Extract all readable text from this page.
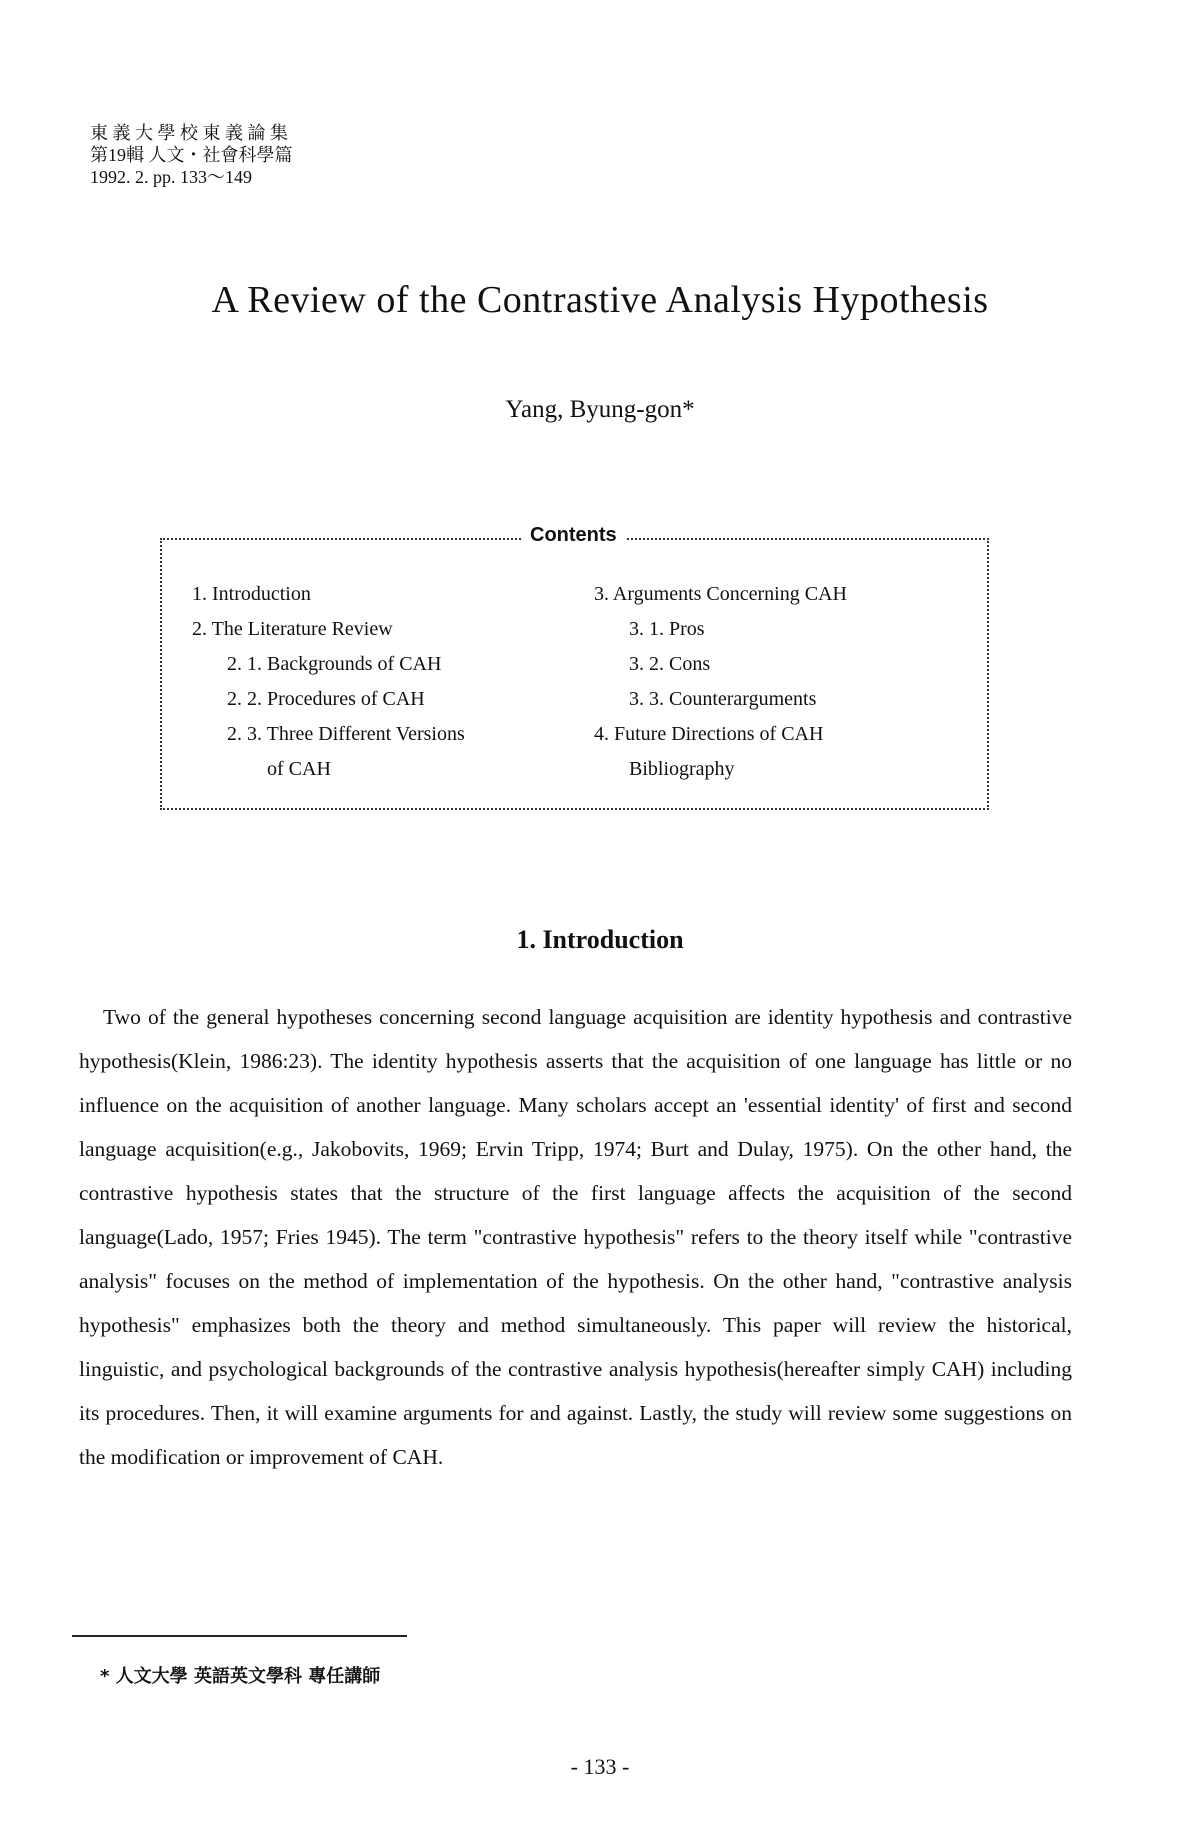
東 義 大 學 校 東 義 論 集
第19輯 人文・社會科學篇
1992. 2. pp. 133～149
A Review of the Contrastive Analysis Hypothesis
Yang, Byung-gon*
Contents
1. Introduction
2. The Literature Review
2. 1. Backgrounds of CAH
2. 2. Procedures of CAH
2. 3. Three Different Versions
of CAH
3. Arguments Concerning CAH
3. 1. Pros
3. 2. Cons
3. 3. Counterarguments
4. Future Directions of CAH
Bibliography
1. Introduction
Two of the general hypotheses concerning second language acquisition are identity hypothesis and contrastive hypothesis(Klein, 1986:23). The identity hypothesis asserts that the acquisition of one language has little or no influence on the acquisition of another language. Many scholars accept an 'essential identity' of first and second language acquisition(e.g., Jakobovits, 1969; Ervin Tripp, 1974; Burt and Dulay, 1975). On the other hand, the contrastive hypothesis states that the structure of the first language affects the acquisition of the second language(Lado, 1957; Fries 1945). The term "contrastive hypothesis" refers to the theory itself while "contrastive analysis" focuses on the method of implementation of the hypothesis. On the other hand, "contrastive analysis hypothesis" emphasizes both the theory and method simultaneously. This paper will review the historical, linguistic, and psychological backgrounds of the contrastive analysis hypothesis(hereafter simply CAH) including its procedures. Then, it will examine arguments for and against. Lastly, the study will review some suggestions on the modification or improvement of CAH.
* 人文大學 英語英文學科 專任講師
- 133 -
